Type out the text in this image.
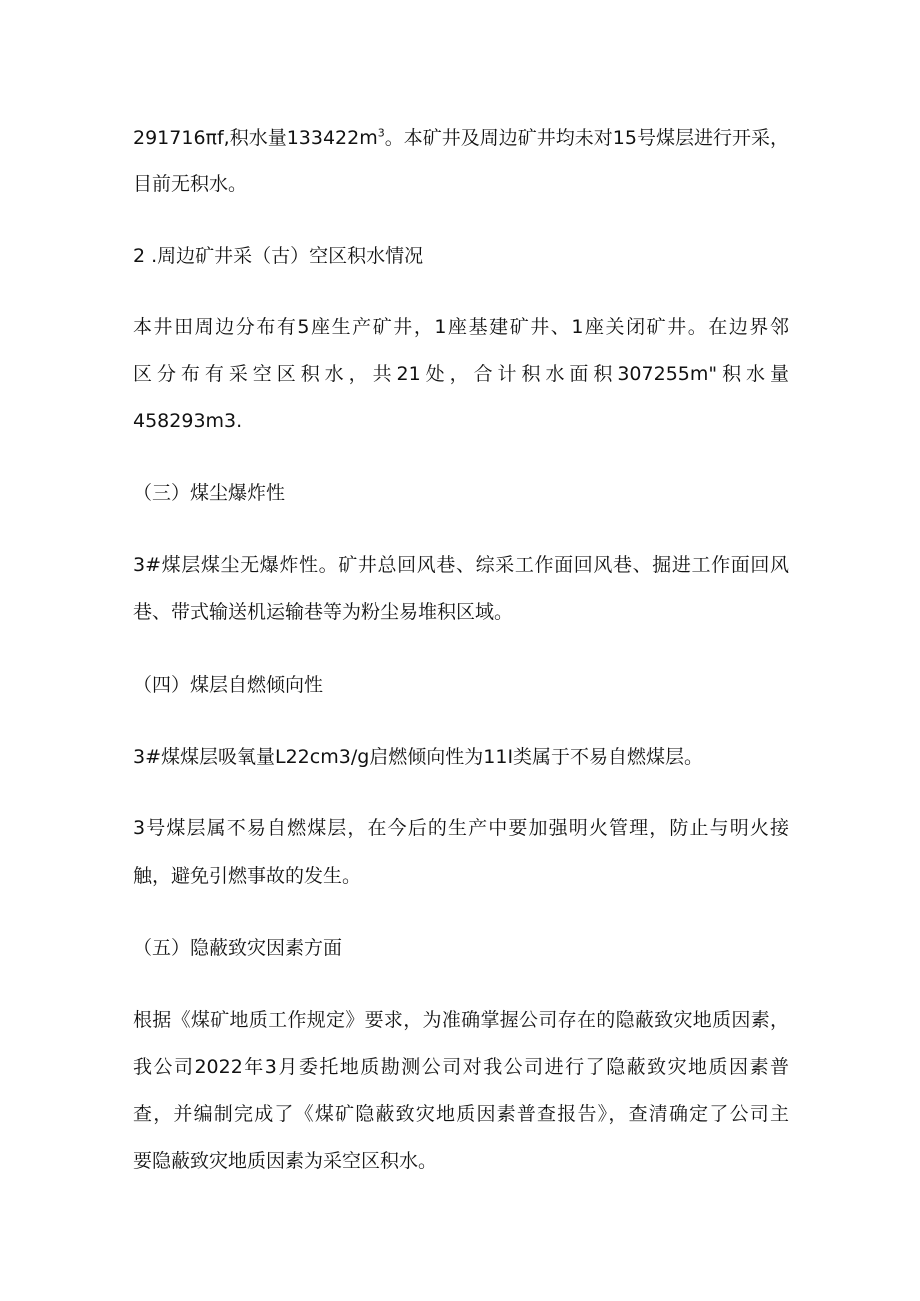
291716πf,积水量$133422m^3$。本矿井及周边矿井均未对15号煤层进行开采，

目前无积水。

2 .周边矿井采（古）空区积水情况

本井田周边分布有5座生产矿井，1座基建矿井、1座关闭矿井。在边界邻

区分布有采空区积水，共21处，合计积水面积307255m"积水量

458293m3.

（三）煤尘爆炸性

3#煤层煤尘无爆炸性。矿井总回风巷、综采工作面回风巷、掘进工作面回风

巷、带式输送机运输巷等为粉尘易堆积区域。

（四）煤层自燃倾向性

3#煤煤层吸氧量L22cm3/g启燃倾向性为11I类属于不易自燃煤层。

3号煤层属不易自燃煤层，在今后的生产中要加强明火管理，防止与明火接

触，避免引燃事故的发生。

（五）隐蔽致灾因素方面

根据《煤矿地质工作规定》要求，为准确掌握公司存在的隐蔽致灾地质因素，

我公司2022年3月委托地质勘测公司对我公司进行了隐蔽致灾地质因素普

查，并编制完成了《煤矿隐蔽致灾地质因素普查报告》，查清确定了公司主

要隐蔽致灾地质因素为采空区积水。
